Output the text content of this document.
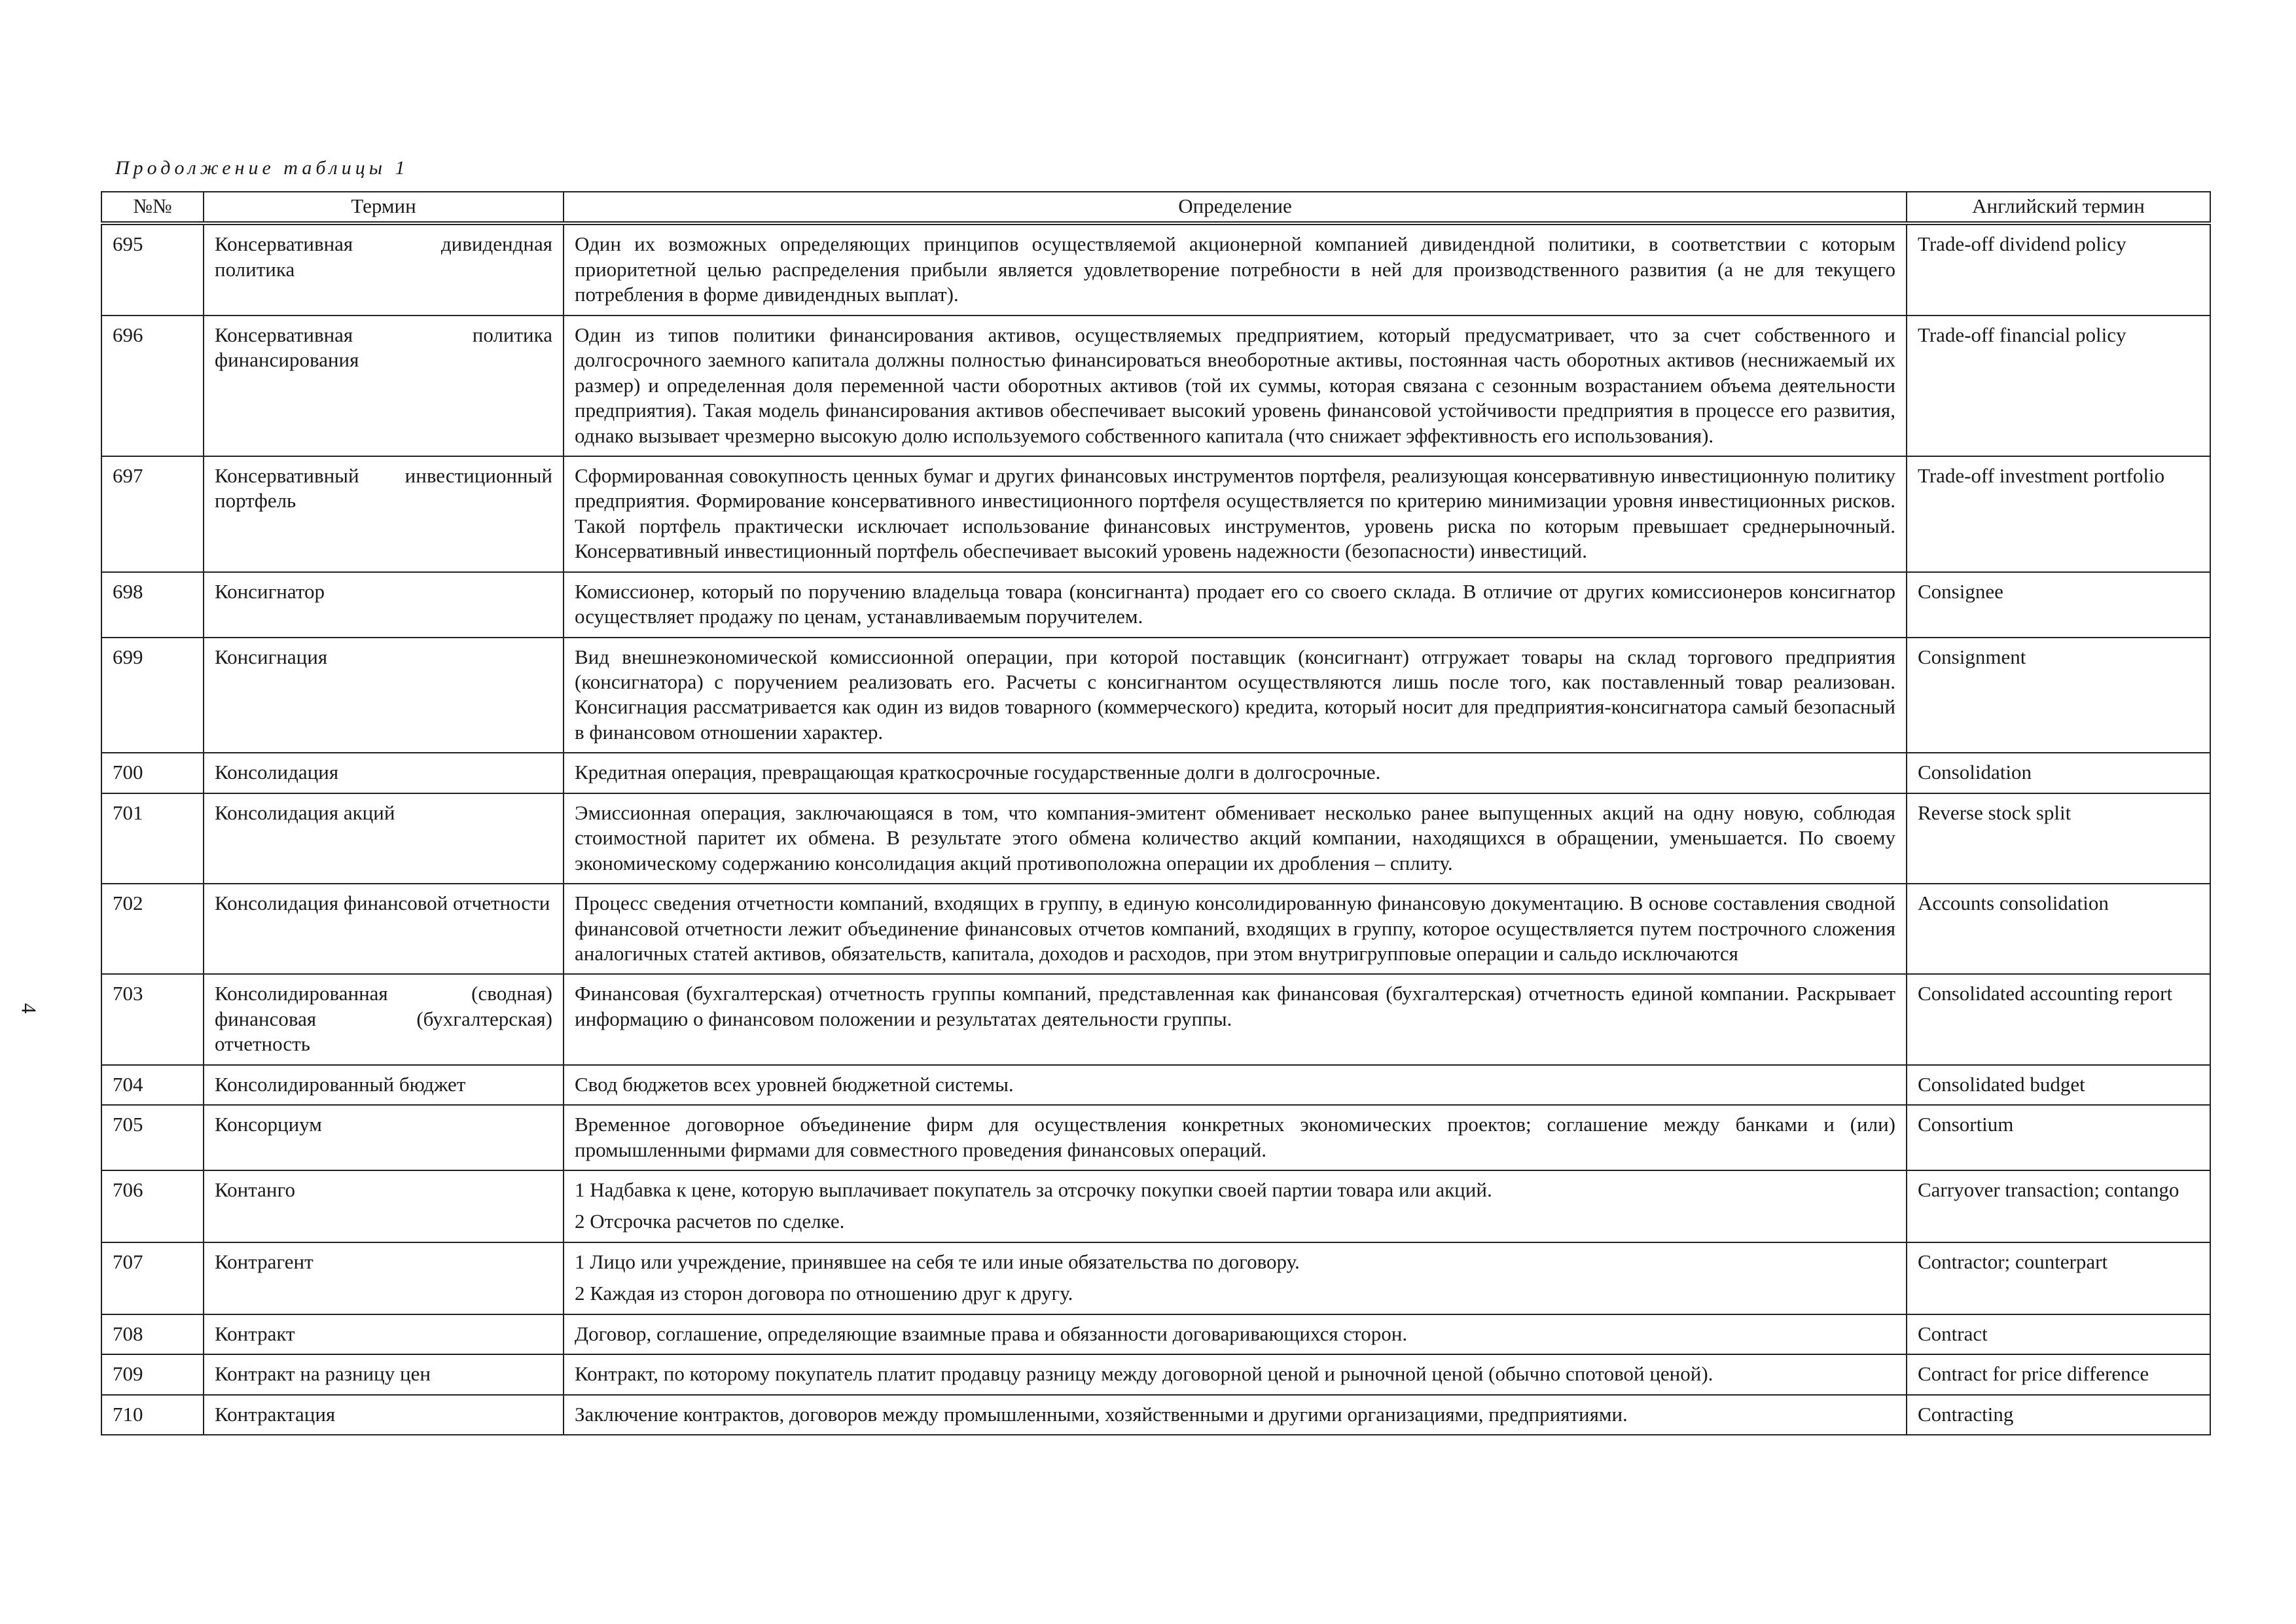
Продолжение таблицы 1
4
№№	Термин	Определение	Английский термин
695	Консервативная дивидендная политика	Один их возможных определяющих принципов осуществляемой акционерной компанией дивидендной политики, в соответствии с которым приоритетной целью распределения прибыли является удовлетворение потребности в ней для производственного развития (а не для текущего потребления в форме дивидендных выплат).	Trade-off dividend policy
696	Консервативная политика финансирования	Один из типов политики финансирования активов, осуществляемых предприятием, который предусматривает, что за счет собственного и долгосрочного заемного капитала должны полностью финансироваться внеоборотные активы, постоянная часть оборотных активов (неснижаемый их размер) и определенная доля переменной части оборотных активов (той их суммы, которая связана с сезонным возрастанием объема деятельности предприятия). Такая модель финансирования активов обеспечивает высокий уровень финансовой устойчивости предприятия в процессе его развития, однако вызывает чрезмерно высокую долю используемого собственного капитала (что снижает эффективность его использования).	Trade-off financial policy
697	Консервативный инвестиционный портфель	Сформированная совокупность ценных бумаг и других финансовых инструментов портфеля, реализующая консервативную инвестиционную политику предприятия. Формирование консервативного инвестиционного портфеля осуществляется по критерию минимизации уровня инвестиционных рисков. Такой портфель практически исключает использование финансовых инструментов, уровень риска по которым превышает среднерыночный. Консервативный инвестиционный портфель обеспечивает высокий уровень надежности (безопасности) инвестиций.	Trade-off investment portfolio
698	Консигнатор	Комиссионер, который по поручению владельца товара (консигнанта) продает его со своего склада. В отличие от других комиссионеров консигнатор осуществляет продажу по ценам, устанавливаемым поручителем.	Consignee
699	Консигнация	Вид внешнеэкономической комиссионной операции, при которой поставщик (консигнант) отгружает товары на склад торгового предприятия (консигнатора) с поручением реализовать его. Расчеты с консигнантом осуществляются лишь после того, как поставленный товар реализован. Консигнация рассматривается как один из видов товарного (коммерческого) кредита, который носит для предприятия-консигнатора самый безопасный в финансовом отношении характер.	Consignment
700	Консолидация	Кредитная операция, превращающая краткосрочные государственные долги в долгосрочные.	Consolidation
701	Консолидация акций	Эмиссионная операция, заключающаяся в том, что компания-эмитент обменивает несколько ранее выпущенных акций на одну новую, соблюдая стоимостной паритет их обмена. В результате этого обмена количество акций компании, находящихся в обращении, уменьшается. По своему экономическому содержанию консолидация акций противоположна операции их дробления – сплиту.	Reverse stock split
702	Консолидация финансовой отчетности	Процесс сведения отчетности компаний, входящих в группу, в единую консолидированную финансовую документацию. В основе составления сводной финансовой отчетности лежит объединение финансовых отчетов компаний, входящих в группу, которое осуществляется путем построчного сложения аналогичных статей активов, обязательств, капитала, доходов и расходов, при этом внутригрупповые операции и сальдо исключаются	Accounts consolidation
703	Консолидированная (сводная) финансовая (бухгалтерская) отчетность	Финансовая (бухгалтерская) отчетность группы компаний, представленная как финансовая (бухгалтерская) отчетность единой компании. Раскрывает информацию о финансовом положении и результатах деятельности группы.	Consolidated accounting report
704	Консолидированный бюджет	Свод бюджетов всех уровней бюджетной системы.	Consolidated budget
705	Консорциум	Временное договорное объединение фирм для осуществления конкретных экономических проектов; соглашение между банками и (или) промышленными фирмами для совместного проведения финансовых операций.	Consortium
706	Контанго	1 Надбавка к цене, которую выплачивает покупатель за отсрочку покупки своей партии товара или акций.
2 Отсрочка расчетов по сделке.	Carryover transaction; contango
707	Контрагент	1 Лицо или учреждение, принявшее на себя те или иные обязательства по договору.
2 Каждая из сторон договора по отношению друг к другу.	Contractor; counterpart
708	Контракт	Договор, соглашение, определяющие взаимные права и обязанности договаривающихся сторон.	Contract
709	Контракт на разницу цен	Контракт, по которому покупатель платит продавцу разницу между договорной ценой и рыночной ценой (обычно спотовой ценой).	Contract for price difference
710	Контрактация	Заключение контрактов, договоров между промышленными, хозяйственными и другими организациями, предприятиями.	Contracting
